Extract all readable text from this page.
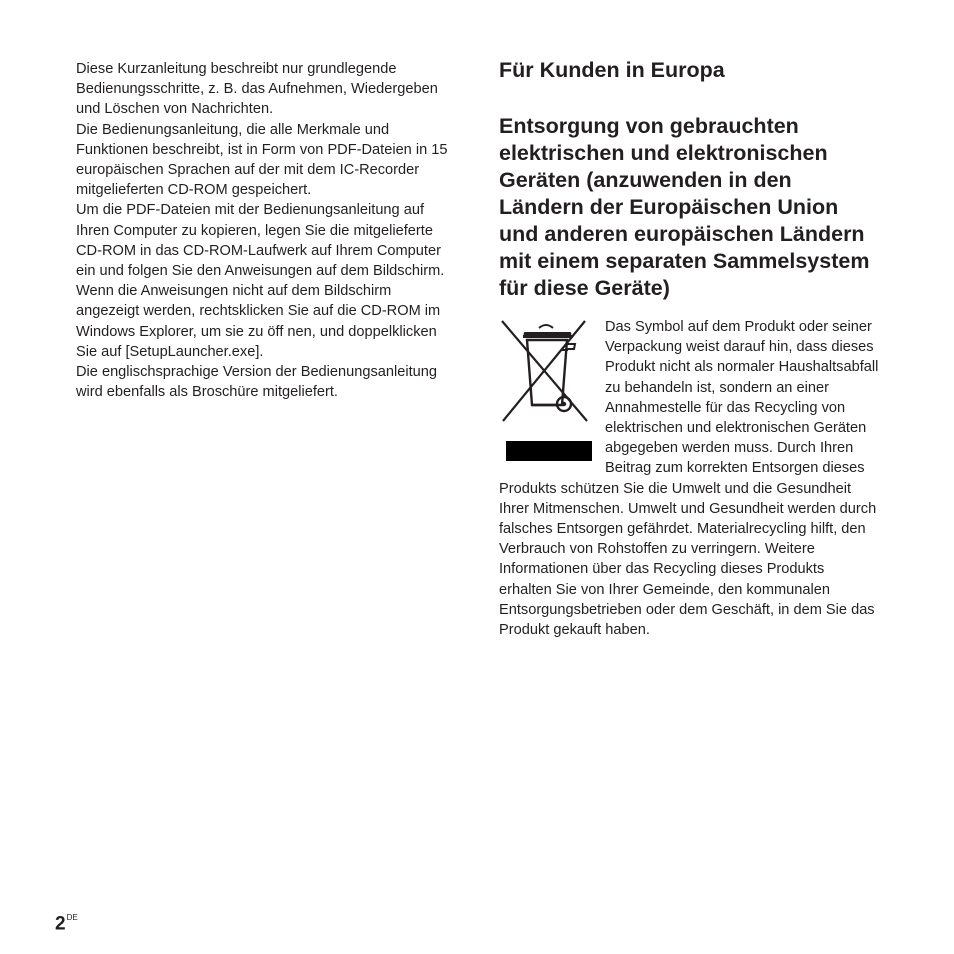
Diese Kurzanleitung beschreibt nur grundlegende Bedienungsschritte, z. B. das Aufnehmen, Wiedergeben und Löschen von Nachrichten.

Die Bedienungsanleitung, die alle Merkmale und Funktionen beschreibt, ist in Form von PDF-Dateien in 15 europäischen Sprachen auf der mit dem IC-Recorder mitgelieferten CD-ROM gespeichert.

Um die PDF-Dateien mit der Bedienungsanleitung auf Ihren Computer zu kopieren, legen Sie die mitgelieferte CD-ROM in das CD-ROM-Laufwerk auf Ihrem Computer ein und folgen Sie den Anweisungen auf dem Bildschirm.

Wenn die Anweisungen nicht auf dem Bildschirm angezeigt werden, rechtsklicken Sie auf die CD-ROM im Windows Explorer, um sie zu öff nen, und doppelklicken Sie auf [SetupLauncher.exe].

Die englischsprachige Version der Bedienungsanleitung wird ebenfalls als Broschüre mitgeliefert.

Für Kunden in Europa
Entsorgung von gebrauchten elektrischen und elektronischen Geräten (anzuwenden in den Ländern der Europäischen Union und anderen europäischen Ländern mit einem separaten Sammelsystem für diese Geräte)

Das Symbol auf dem Produkt oder seiner Verpackung weist darauf hin, dass dieses Produkt nicht als normaler Haushaltsabfall zu behandeln ist, sondern an einer Annahmestelle für das Recycling von elektrischen und elektronischen Geräten abgegeben werden muss. Durch Ihren Beitrag zum korrekten Entsorgen dieses Produkts schützen Sie die Umwelt und die Gesundheit Ihrer Mitmenschen. Umwelt und Gesundheit werden durch falsches Entsorgen gefährdet. Materialrecycling hilft, den Verbrauch von Rohstoffen zu verringern. Weitere Informationen über das Recycling dieses Produkts erhalten Sie von Ihrer Gemeinde, den kommunalen Entsorgungsbetrieben oder dem Geschäft, in dem Sie das Produkt gekauft haben.

2DE
